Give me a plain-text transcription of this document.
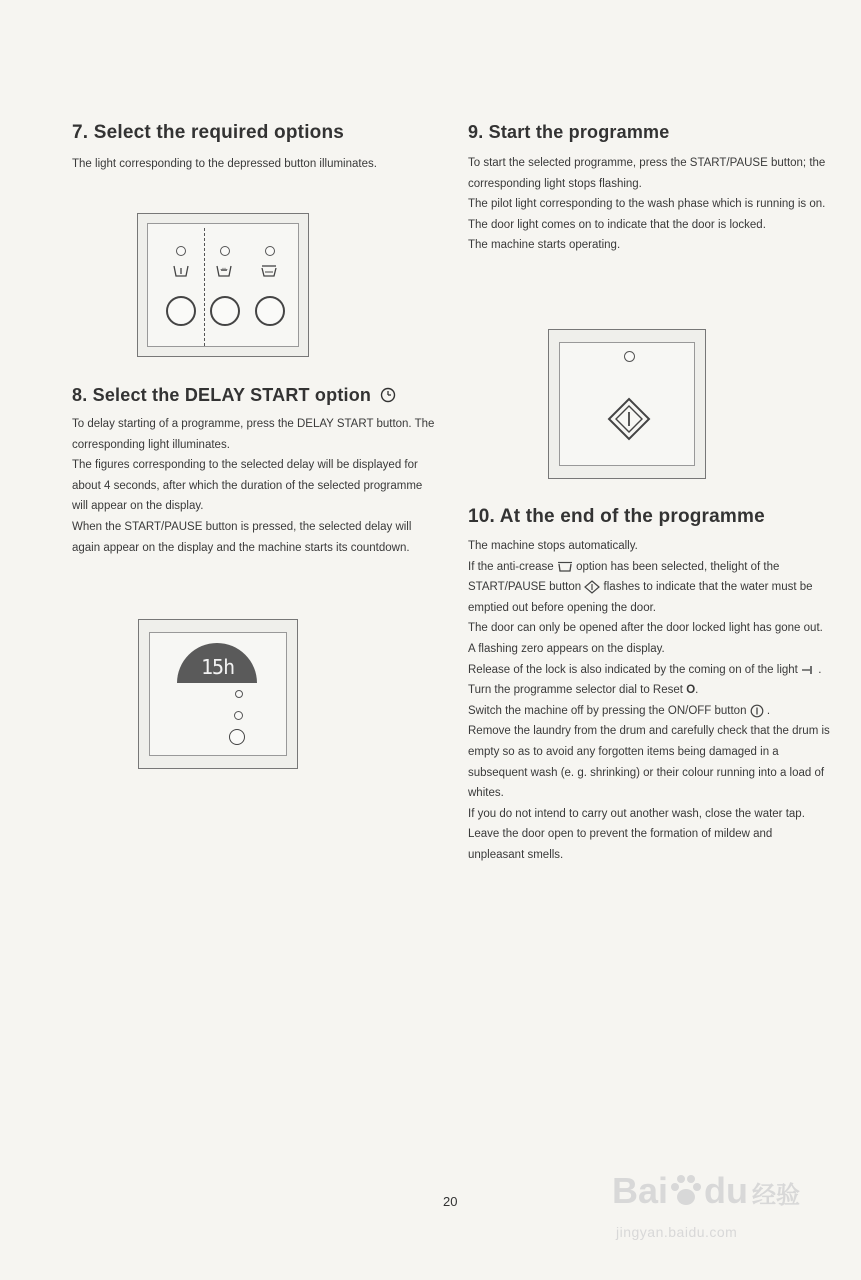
7. Select the required options

The light corresponding to the depressed button illuminates.

8. Select the DELAY START option

To delay starting of a programme, press the DELAY START button. The corresponding light illuminates.

The figures corresponding to the selected delay will be displayed for about 4 seconds, after which the duration of the selected programme will appear on the display.

When the START/PAUSE button is pressed, the selected delay will again appear on the display and the machine starts its countdown.

15h
9. Start the programme

To start the selected programme, press the START/PAUSE button; the corresponding light stops flashing.

The pilot light corresponding to the wash phase which is running is on.

The door light comes on to indicate that the door is locked.

The machine starts operating.

10. At the end of the programme

The machine stops automatically.

If the anti-crease option has been selected, thelight of the START/PAUSE button flashes to indicate that the water must be emptied out before opening the door.

The door can only be opened after the door locked light has gone out. A flashing zero appears on the display.

Release of the lock is also indicated by the coming on of the light .

Turn the programme selector dial to Reset O.

Switch the machine off by pressing the ON/OFF button .

Remove the laundry from the drum and carefully check that the drum is empty so as to avoid any forgotten items being damaged in a subsequent wash (e. g. shrinking) or their colour running into a load of whites.

If you do not intend to carry out another wash, close the water tap.

Leave the door open to prevent the formation of mildew and unpleasant smells.

20	Bai du 经验
jingyan.baidu.com
